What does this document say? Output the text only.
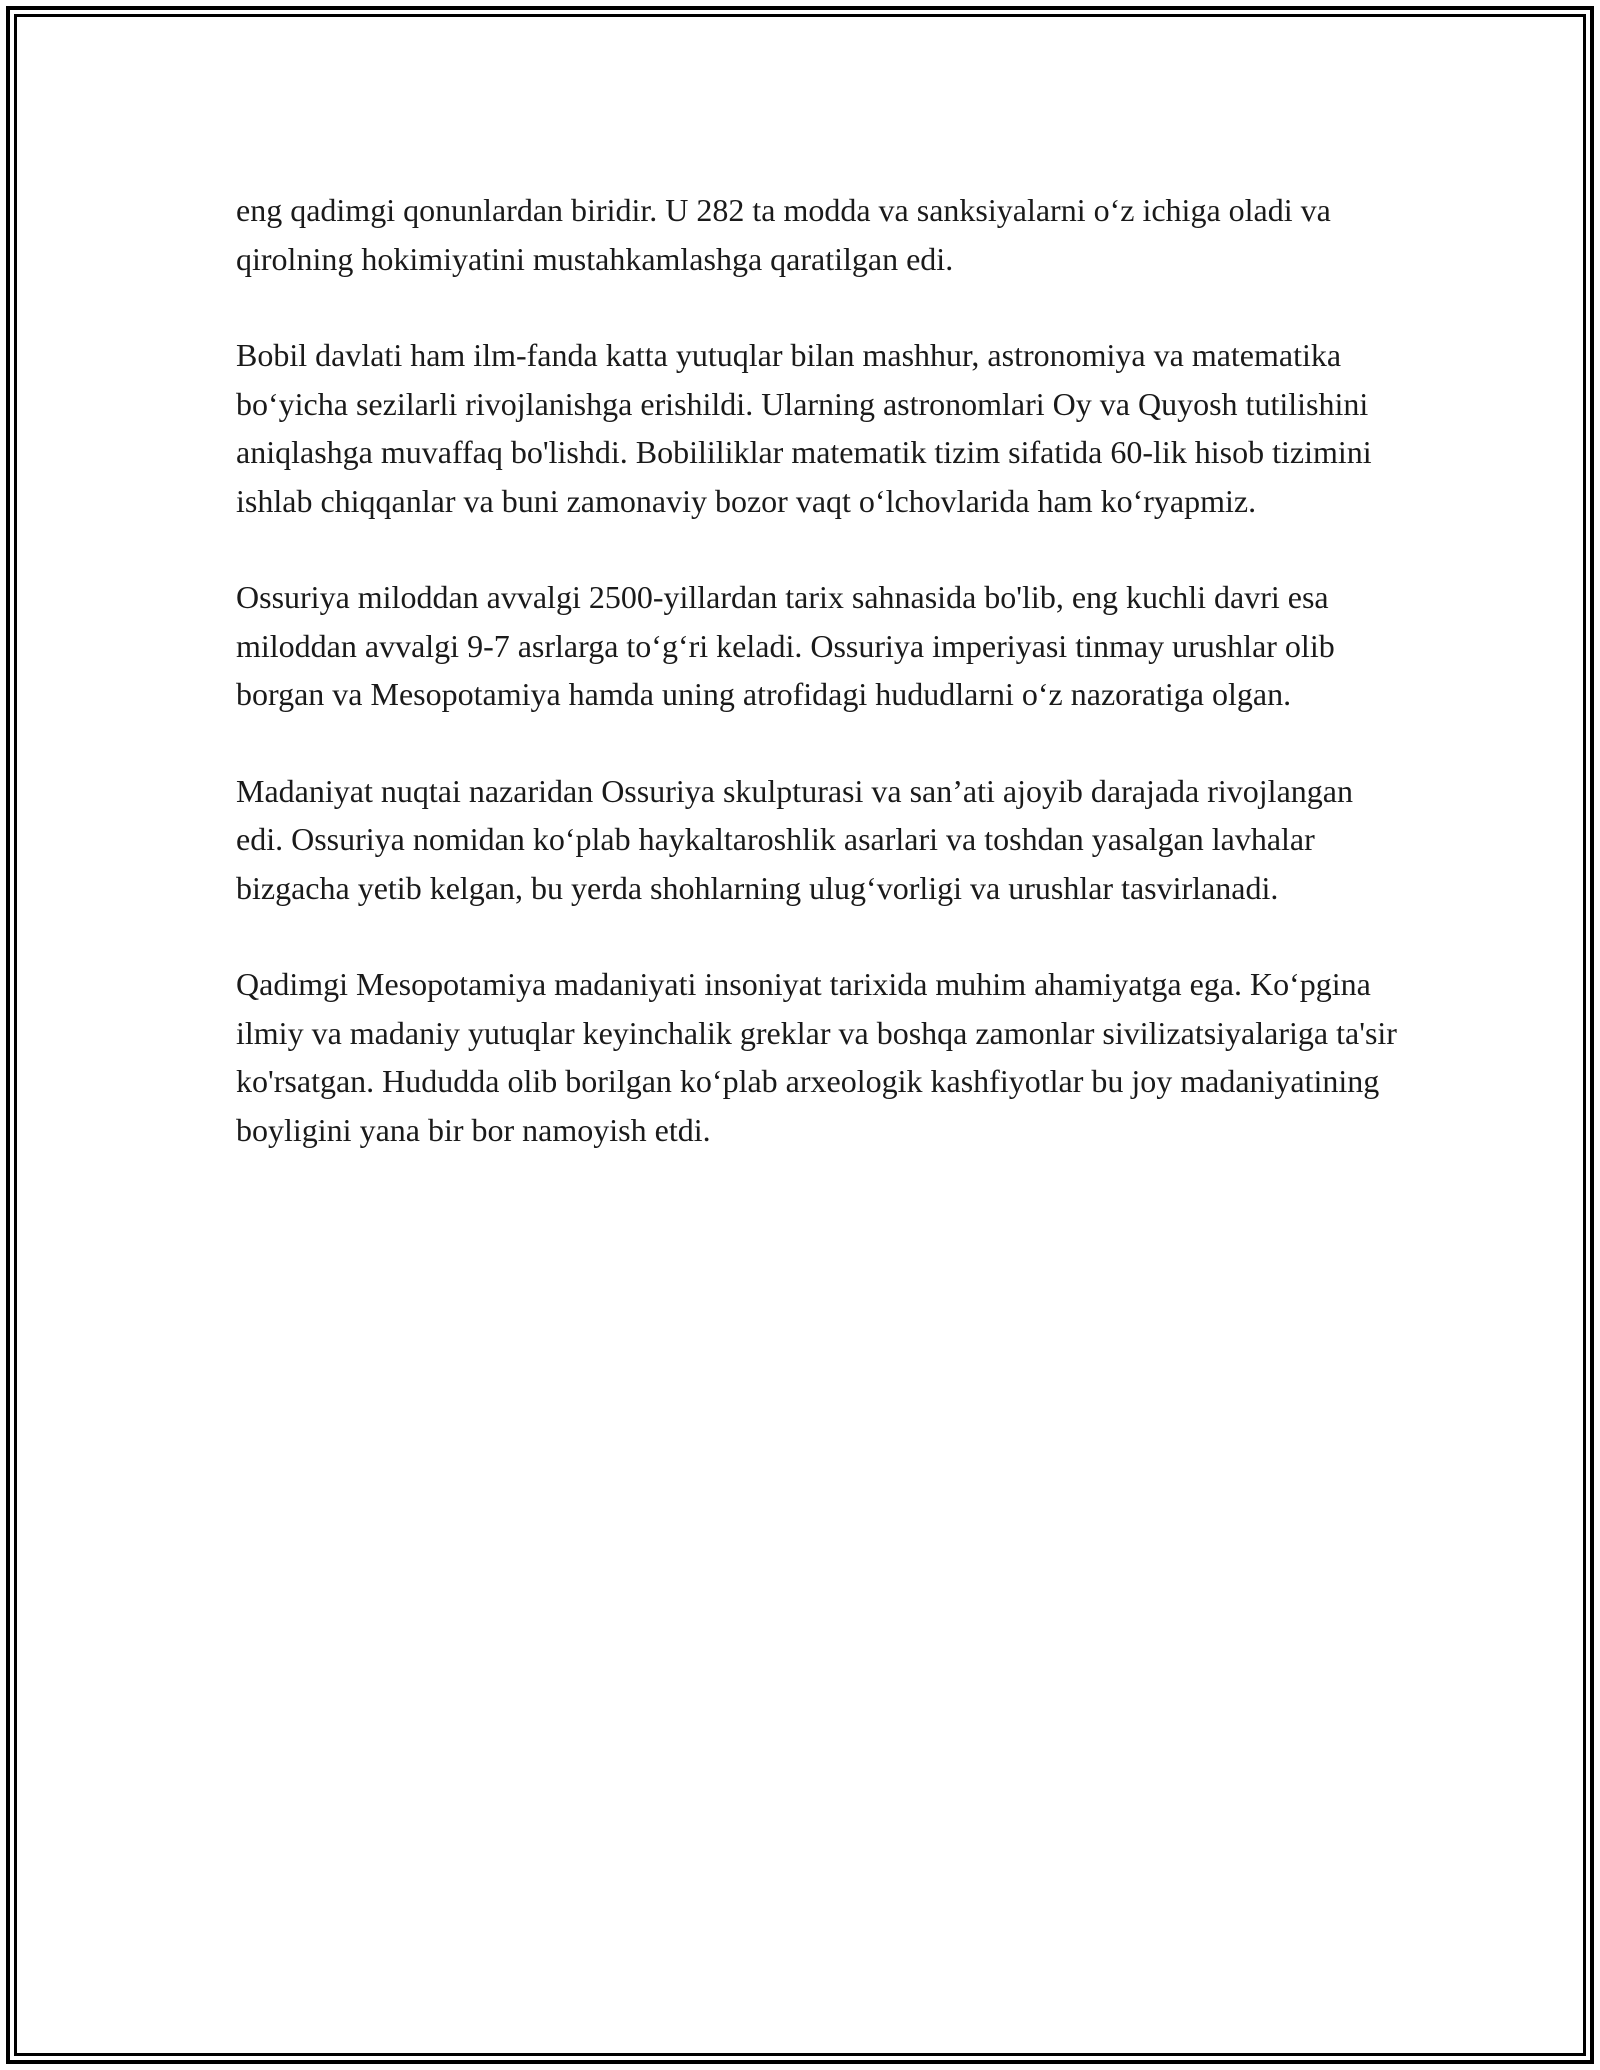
eng qadimgi qonunlardan biridir. U 282 ta modda va sanksiyalarni o‘z ichiga oladi va qirolning hokimiyatini mustahkamlashga qaratilgan edi.

Bobil davlati ham ilm-fanda katta yutuqlar bilan mashhur, astronomiya va matematika bo‘yicha sezilarli rivojlanishga erishildi. Ularning astronomlari Oy va Quyosh tutilishini aniqlashga muvaffaq bo'lishdi. Bobililiklar matematik tizim sifatida 60-lik hisob tizimini ishlab chiqqanlar va buni zamonaviy bozor vaqt o‘lchovlarida ham ko‘ryapmiz.

Ossuriya miloddan avvalgi 2500-yillardan tarix sahnasida bo'lib, eng kuchli davri esa miloddan avvalgi 9-7 asrlarga to‘g‘ri keladi. Ossuriya imperiyasi tinmay urushlar olib borgan va Mesopotamiya hamda uning atrofidagi hududlarni o‘z nazoratiga olgan.

Madaniyat nuqtai nazaridan Ossuriya skulpturasi va san’ati ajoyib darajada rivojlangan edi. Ossuriya nomidan ko‘plab haykaltaroshlik asarlari va toshdan yasalgan lavhalar bizgacha yetib kelgan, bu yerda shohlarning ulug‘vorligi va urushlar tasvirlanadi.

Qadimgi Mesopotamiya madaniyati insoniyat tarixida muhim ahamiyatga ega. Ko‘pgina ilmiy va madaniy yutuqlar keyinchalik greklar va boshqa zamonlar sivilizatsiyalariga ta'sir ko'rsatgan. Hududda olib borilgan ko‘plab arxeologik kashfiyotlar bu joy madaniyatining boyligini yana bir bor namoyish etdi.
